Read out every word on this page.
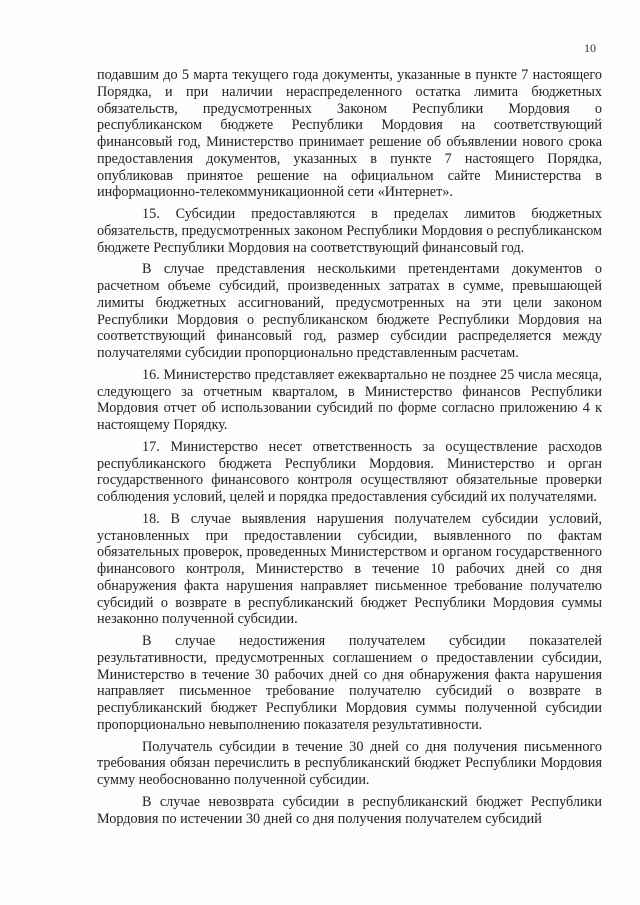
10

подавшим до 5 марта текущего года документы, указанные в пункте 7 настоящего Порядка, и при наличии нераспределенного остатка лимита бюджетных обязательств, предусмотренных Законом Республики Мордовия о республиканском бюджете Республики Мордовия на соответствующий финансовый год, Министерство принимает решение об объявлении нового срока предоставления документов, указанных в пункте 7 настоящего Порядка, опубликовав принятое решение на официальном сайте Министерства в информационно-телекоммуникационной сети «Интернет».

15. Субсидии предоставляются в пределах лимитов бюджетных обязательств, предусмотренных законом Республики Мордовия о республиканском бюджете Республики Мордовия на соответствующий финансовый год.

В случае представления несколькими претендентами документов о расчетном объеме субсидий, произведенных затратах в сумме, превышающей лимиты бюджетных ассигнований, предусмотренных на эти цели законом Республики Мордовия о республиканском бюджете Республики Мордовия на соответствующий финансовый год, размер субсидии распределяется между получателями субсидии пропорционально представленным расчетам.

16. Министерство представляет ежеквартально не позднее 25 числа месяца, следующего за отчетным кварталом, в Министерство финансов Республики Мордовия отчет об использовании субсидий по форме согласно приложению 4 к настоящему Порядку.

17. Министерство несет ответственность за осуществление расходов республиканского бюджета Республики Мордовия. Министерство и орган государственного финансового контроля осуществляют обязательные проверки соблюдения условий, целей и порядка предоставления субсидий их получателями.

18. В случае выявления нарушения получателем субсидии условий, установленных при предоставлении субсидии, выявленного по фактам обязательных проверок, проведенных Министерством и органом государственного финансового контроля, Министерство в течение 10 рабочих дней со дня обнаружения факта нарушения направляет письменное требование получателю субсидий о возврате в республиканский бюджет Республики Мордовия суммы незаконно полученной субсидии.

В случае недостижения получателем субсидии показателей результативности, предусмотренных соглашением о предоставлении субсидии, Министерство в течение 30 рабочих дней со дня обнаружения факта нарушения направляет письменное требование получателю субсидий о возврате в республиканский бюджет Республики Мордовия суммы полученной субсидии пропорционально невыполнению показателя результативности.

Получатель субсидии в течение 30 дней со дня получения письменного требования обязан перечислить в республиканский бюджет Республики Мордовия сумму необоснованно полученной субсидии.

В случае невозврата субсидии в республиканский бюджет Республики Мордовия по истечении 30 дней со дня получения получателем субсидий
